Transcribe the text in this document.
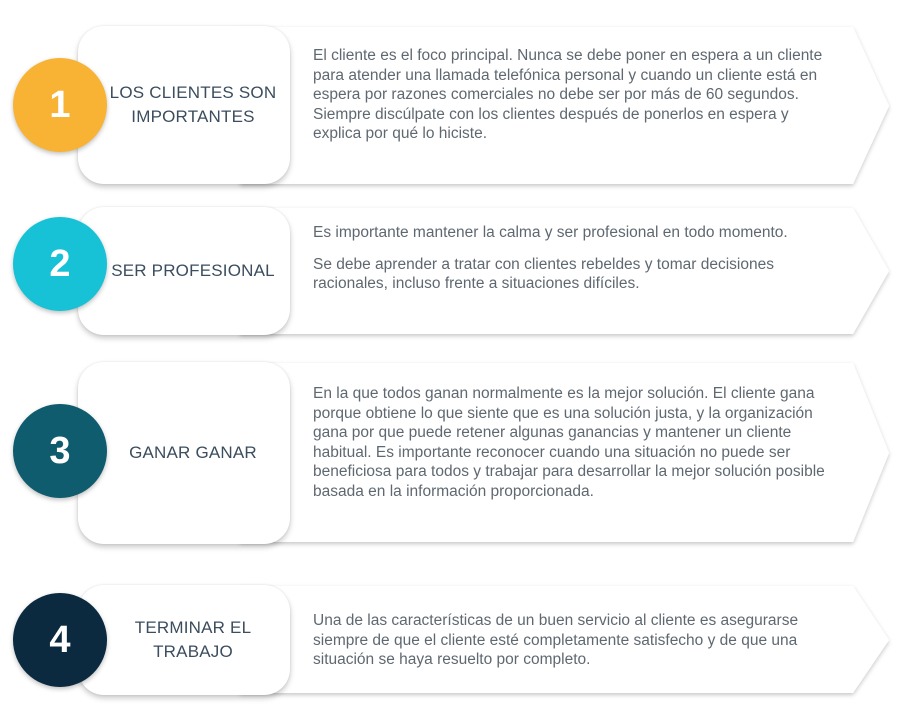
LOS CLIENTES SON IMPORTANTES
1

El cliente es el foco principal. Nunca se debe poner en espera a un cliente para atender una llamada telefónica personal y cuando un cliente está en espera por razones comerciales no debe ser por más de 60 segundos. Siempre discúlpate con los clientes después de ponerlos en espera y explica por qué lo hiciste.

SER PROFESIONAL
2

Es importante mantener la calma y ser profesional en todo momento.

Se debe aprender a tratar con clientes rebeldes y tomar decisiones racionales, incluso frente a situaciones difíciles.

GANAR GANAR
3

En la que todos ganan normalmente es la mejor solución. El cliente gana porque obtiene lo que siente que es una solución justa, y la organización gana por que puede retener algunas ganancias y mantener un cliente habitual. Es importante reconocer cuando una situación no puede ser beneficiosa para todos y trabajar para desarrollar la mejor solución posible basada en la información proporcionada.

TERMINAR EL TRABAJO
4	Una de las características de un buen servicio al cliente es asegurarse siempre de que el cliente esté completamente satisfecho y de que una situación se haya resuelto por completo.
